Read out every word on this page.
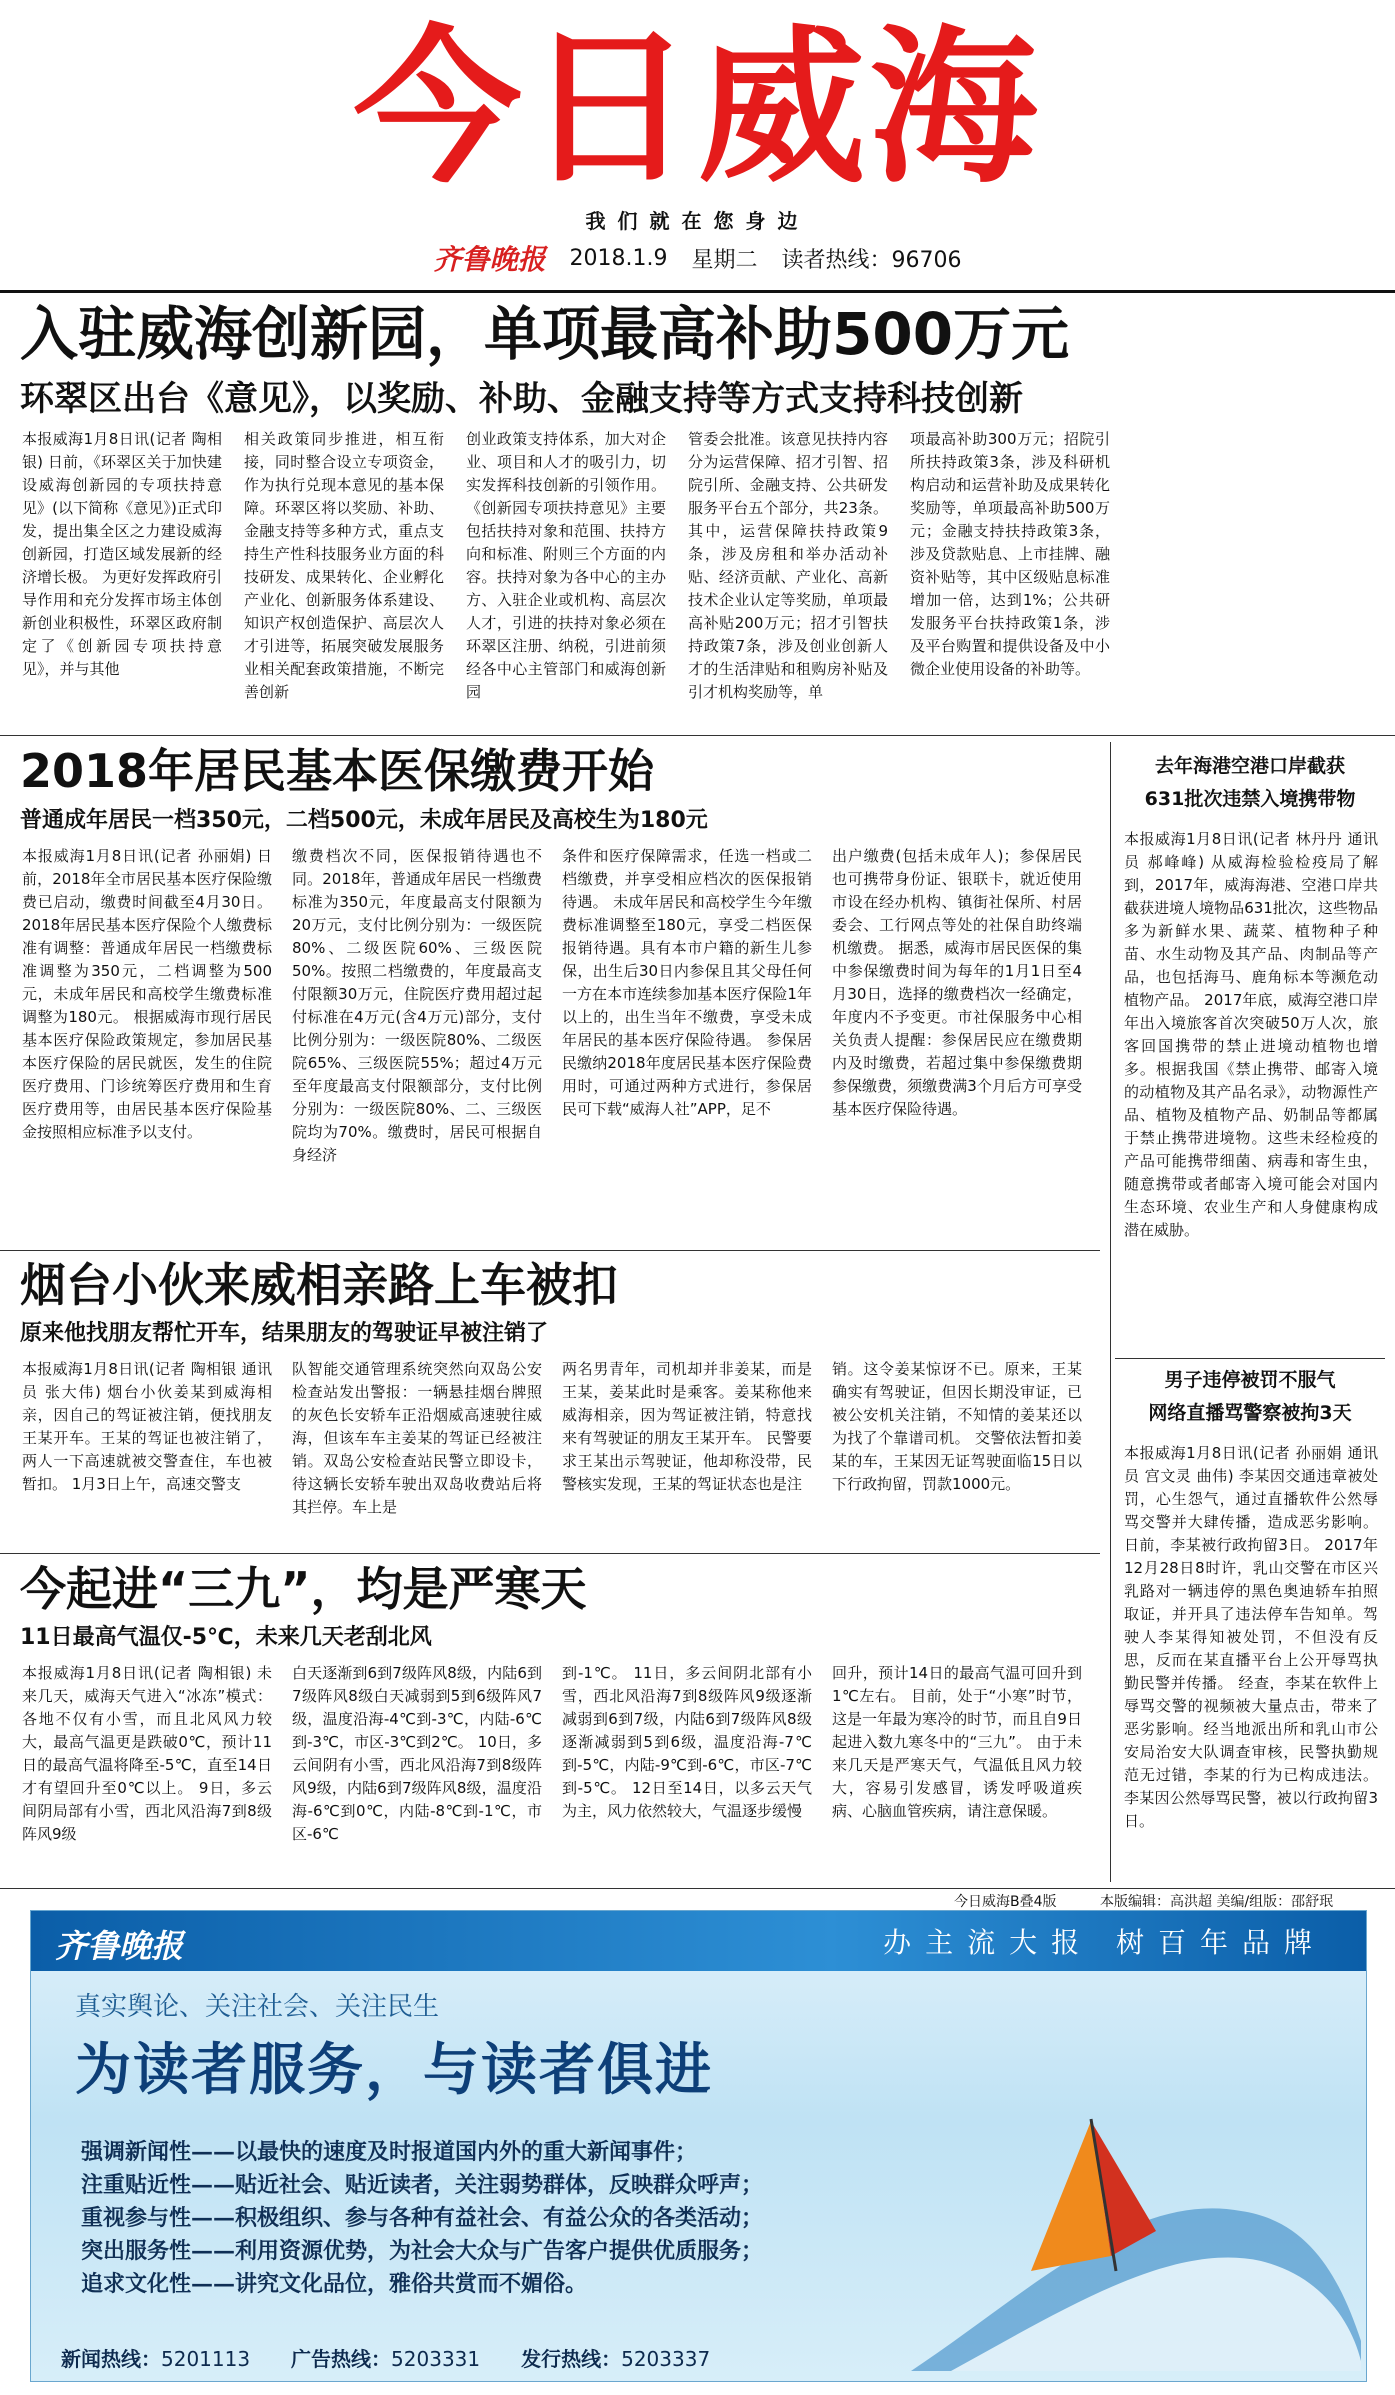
今日威海
我们就在您身边
齐鲁晚报 2018.1.9 星期二 读者热线：96706
入驻威海创新园，单项最高补助500万元
环翠区出台《意见》，以奖励、补助、金融支持等方式支持科技创新
本报威海1月8日讯(记者 陶相银) 日前，《环翠区关于加快建设威海创新园的专项扶持意见》(以下简称《意见》)正式印发，提出集全区之力建设威海创新园，打造区域发展新的经济增长极。 为更好发挥政府引导作用和充分发挥市场主体创新创业积极性，环翠区政府制定了《创新园专项扶持意见》，并与其他
相关政策同步推进，相互衔接，同时整合设立专项资金，作为执行兑现本意见的基本保障。环翠区将以奖励、补助、金融支持等多种方式，重点支持生产性科技服务业方面的科技研发、成果转化、企业孵化产业化、创新服务体系建设、知识产权创造保护、高层次人才引进等，拓展突破发展服务业相关配套政策措施，不断完善创新
创业政策支持体系，加大对企业、项目和人才的吸引力，切实发挥科技创新的引领作用。 《创新园专项扶持意见》主要包括扶持对象和范围、扶持方向和标准、附则三个方面的内容。扶持对象为各中心的主办方、入驻企业或机构、高层次人才，引进的扶持对象必须在环翠区注册、纳税，引进前须经各中心主管部门和威海创新园
管委会批准。该意见扶持内容分为运营保障、招才引智、招院引所、金融支持、公共研发服务平台五个部分，共23条。其中，运营保障扶持政策9条，涉及房租和举办活动补贴、经济贡献、产业化、高新技术企业认定等奖励，单项最高补贴200万元；招才引智扶持政策7条，涉及创业创新人才的生活津贴和租购房补贴及引才机构奖励等，单
项最高补助300万元；招院引所扶持政策3条，涉及科研机构启动和运营补助及成果转化奖励等，单项最高补助500万元；金融支持扶持政策3条，涉及贷款贴息、上市挂牌、融资补贴等，其中区级贴息标准增加一倍，达到1%；公共研发服务平台扶持政策1条，涉及平台购置和提供设备及中小微企业使用设备的补助等。
2018年居民基本医保缴费开始
普通成年居民一档350元，二档500元，未成年居民及高校生为180元
本报威海1月8日讯(记者 孙丽娟) 日前，2018年全市居民基本医疗保险缴费已启动，缴费时间截至4月30日。2018年居民基本医疗保险个人缴费标准有调整：普通成年居民一档缴费标准调整为350元，二档调整为500元，未成年居民和高校学生缴费标准调整为180元。 根据威海市现行居民基本医疗保险政策规定，参加居民基本医疗保险的居民就医，发生的住院医疗费用、门诊统筹医疗费用和生育医疗费用等，由居民基本医疗保险基金按照相应标准予以支付。
缴费档次不同，医保报销待遇也不同。2018年，普通成年居民一档缴费标准为350元，年度最高支付限额为20万元，支付比例分别为：一级医院80%、二级医院60%、三级医院50%。按照二档缴费的，年度最高支付限额30万元，住院医疗费用超过起付标准在4万元(含4万元)部分，支付比例分别为：一级医院80%、二级医院65%、三级医院55%；超过4万元至年度最高支付限额部分，支付比例分别为：一级医院80%、二、三级医院均为70%。缴费时，居民可根据自身经济
条件和医疗保障需求，任选一档或二档缴费，并享受相应档次的医保报销待遇。 未成年居民和高校学生今年缴费标准调整至180元，享受二档医保报销待遇。具有本市户籍的新生儿参保，出生后30日内参保且其父母任何一方在本市连续参加基本医疗保险1年以上的，出生当年不缴费，享受未成年居民的基本医疗保险待遇。 参保居民缴纳2018年度居民基本医疗保险费用时，可通过两种方式进行，参保居民可下载“威海人社”APP，足不
出户缴费(包括未成年人)；参保居民也可携带身份证、银联卡，就近使用市设在经办机构、镇街社保所、村居委会、工行网点等处的社保自助终端机缴费。 据悉，威海市居民医保的集中参保缴费时间为每年的1月1日至4月30日，选择的缴费档次一经确定，年度内不予变更。市社保服务中心相关负责人提醒：参保居民应在缴费期内及时缴费，若超过集中参保缴费期参保缴费，须缴费满3个月后方可享受基本医疗保险待遇。
烟台小伙来威相亲路上车被扣
原来他找朋友帮忙开车，结果朋友的驾驶证早被注销了
本报威海1月8日讯(记者 陶相银 通讯员 张大伟) 烟台小伙姜某到威海相亲，因自己的驾证被注销，便找朋友王某开车。王某的驾证也被注销了，两人一下高速就被交警查住，车也被暂扣。 1月3日上午，高速交警支
队智能交通管理系统突然向双岛公安检查站发出警报：一辆悬挂烟台牌照的灰色长安轿车正沿烟威高速驶往威海，但该车车主姜某的驾证已经被注销。双岛公安检查站民警立即设卡，待这辆长安轿车驶出双岛收费站后将其拦停。车上是
两名男青年，司机却并非姜某，而是王某，姜某此时是乘客。姜某称他来威海相亲，因为驾证被注销，特意找来有驾驶证的朋友王某开车。 民警要求王某出示驾驶证，他却称没带，民警核实发现，王某的驾证状态也是注
销。这令姜某惊讶不已。原来，王某确实有驾驶证，但因长期没审证，已被公安机关注销，不知情的姜某还以为找了个靠谱司机。 交警依法暂扣姜某的车，王某因无证驾驶面临15日以下行政拘留，罚款1000元。
今起进“三九”，均是严寒天
11日最高气温仅-5℃，未来几天老刮北风
本报威海1月8日讯(记者 陶相银) 未来几天，威海天气进入“冰冻”模式：各地不仅有小雪，而且北风风力较大，最高气温更是跌破0℃，预计11日的最高气温将降至-5℃，直至14日才有望回升至0℃以上。 9日，多云间阴局部有小雪，西北风沿海7到8级阵风9级
白天逐渐到6到7级阵风8级，内陆6到7级阵风8级白天减弱到5到6级阵风7级，温度沿海-4℃到-3℃，内陆-6℃到-3℃，市区-3℃到2℃。 10日，多云间阴有小雪，西北风沿海7到8级阵风9级，内陆6到7级阵风8级，温度沿海-6℃到0℃，内陆-8℃到-1℃，市区-6℃
到-1℃。 11日，多云间阴北部有小雪，西北风沿海7到8级阵风9级逐渐减弱到6到7级，内陆6到7级阵风8级逐渐减弱到5到6级，温度沿海-7℃到-5℃，内陆-9℃到-6℃，市区-7℃到-5℃。 12日至14日，以多云天气为主，风力依然较大，气温逐步缓慢
回升，预计14日的最高气温可回升到1℃左右。 目前，处于“小寒”时节，这是一年最为寒冷的时节，而且自9日起进入数九寒冬中的“三九”。 由于未来几天是严寒天气，气温低且风力较大，容易引发感冒，诱发呼吸道疾病、心脑血管疾病，请注意保暖。
去年海港空港口岸截获
631批次违禁入境携带物
本报威海1月8日讯(记者 林丹丹 通讯员 郝峰峰) 从威海检验检疫局了解到，2017年，威海海港、空港口岸共截获进境人境物品631批次，这些物品多为新鲜水果、蔬菜、植物种子种苗、水生动物及其产品、肉制品等产品，也包括海马、鹿角标本等濒危动植物产品。 2017年底，威海空港口岸年出入境旅客首次突破50万人次，旅客回国携带的禁止进境动植物也增多。根据我国《禁止携带、邮寄入境的动植物及其产品名录》，动物源性产品、植物及植物产品、奶制品等都属于禁止携带进境物。这些未经检疫的产品可能携带细菌、病毒和寄生虫，随意携带或者邮寄入境可能会对国内生态环境、农业生产和人身健康构成潜在威胁。
男子违停被罚不服气
网络直播骂警察被拘3天
本报威海1月8日讯(记者 孙丽娟 通讯员 宫文灵 曲伟) 李某因交通违章被处罚，心生怨气，通过直播软件公然辱骂交警并大肆传播，造成恶劣影响。日前，李某被行政拘留3日。 2017年12月28日8时许，乳山交警在市区兴乳路对一辆违停的黑色奥迪轿车拍照取证，并开具了违法停车告知单。驾驶人李某得知被处罚，不但没有反思，反而在某直播平台上公开辱骂执勤民警并传播。 经查，李某在软件上辱骂交警的视频被大量点击，带来了恶劣影响。经当地派出所和乳山市公安局治安大队调查审核，民警执勤规范无过错，李某的行为已构成违法。李某因公然辱骂民警，被以行政拘留3日。
今日威海B叠4版	本版编辑：高洪超 美编/组版：邵舒珉
齐鲁晚报	办主流大报 树百年品牌
真实舆论、关注社会、关注民生
为读者服务，与读者俱进
强调新闻性——以最快的速度及时报道国内外的重大新闻事件；
注重贴近性——贴近社会、贴近读者，关注弱势群体，反映群众呼声；
重视参与性——积极组织、参与各种有益社会、有益公众的各类活动；
突出服务性——利用资源优势，为社会大众与广告客户提供优质服务；
追求文化性——讲究文化品位，雅俗共赏而不媚俗。
新闻热线：5201113 广告热线：5203331 发行热线：5203337
